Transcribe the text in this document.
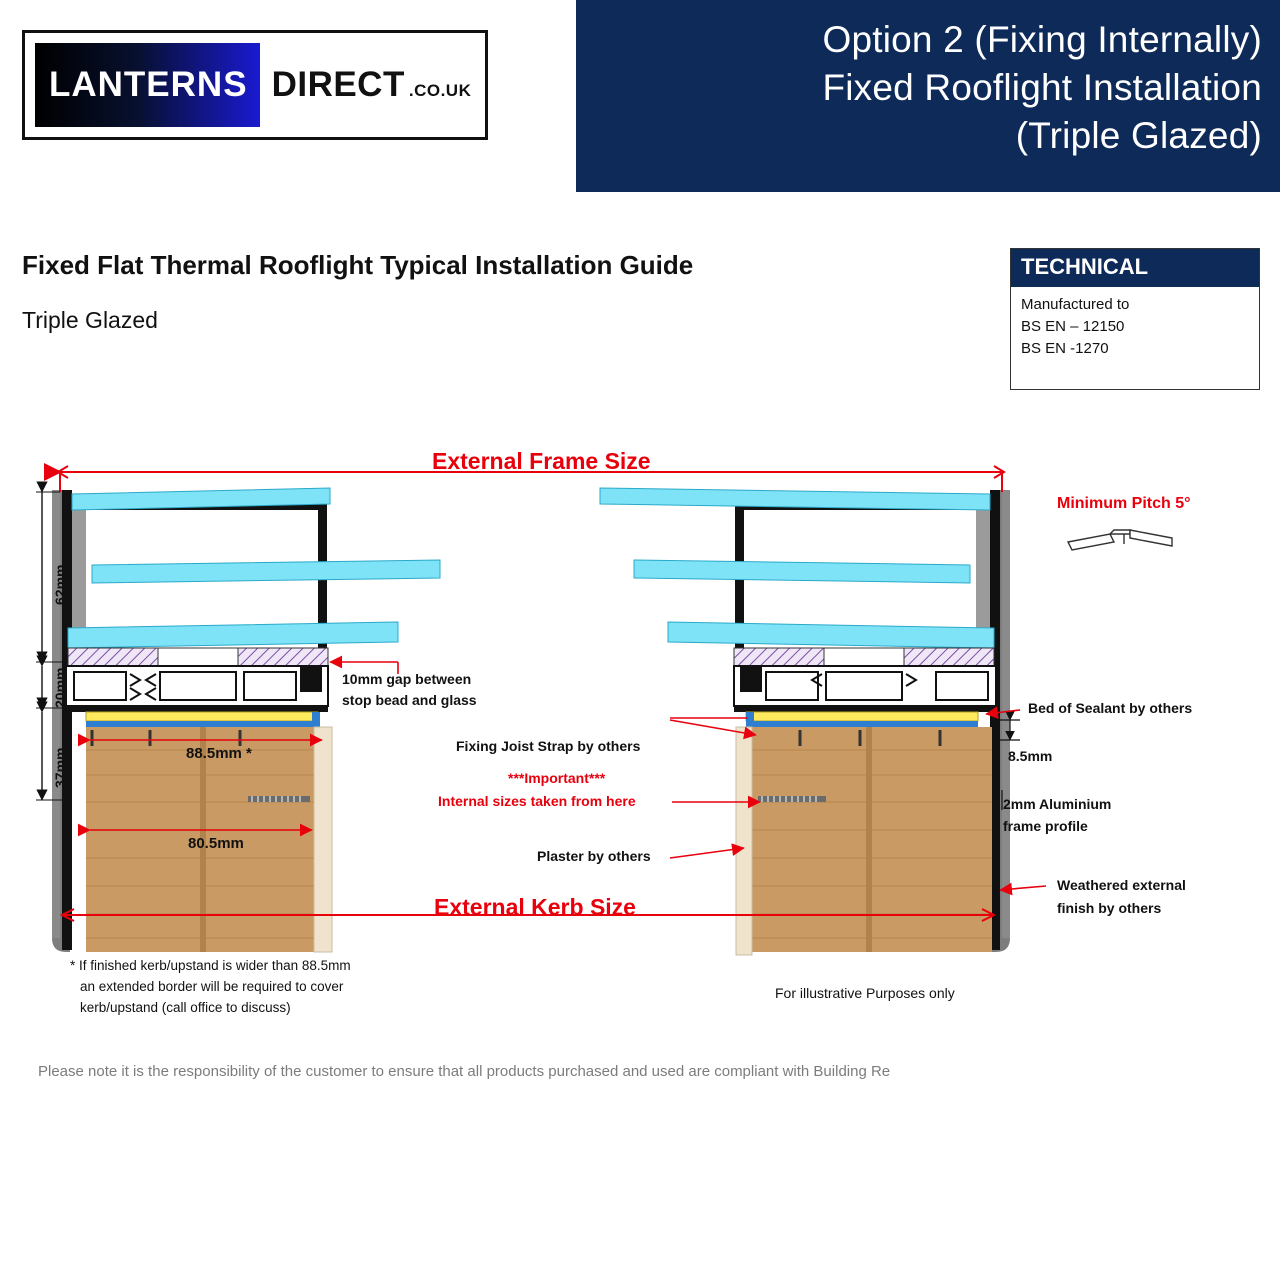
Option 2 (Fixing Internally)
Fixed Rooflight Installation
(Triple Glazed)
LANTERNS DIRECT .CO.UK
Fixed Flat Thermal Rooflight Typical Installation Guide
Triple Glazed
TECHNICAL
Manufactured to
BS EN – 12150
BS EN -1270
External Frame Size
External Kerb Size
Minimum Pitch 5°
10mm gap between
stop bead and glass
Fixing Joist Strap by others
***Important***
Internal sizes taken from here
Plaster by others
Bed of Sealant by others
Weathered external
finish by others
2mm Aluminium
frame profile
8.5mm
88.5mm *
80.5mm
62mm
20mm
37mm
* If finished kerb/upstand is wider than 88.5mm
an extended border will be required to cover
kerb/upstand (call office to discuss)
For illustrative Purposes only
Please note it is the responsibility of the customer to ensure that all products purchased and used are compliant with Building Re
